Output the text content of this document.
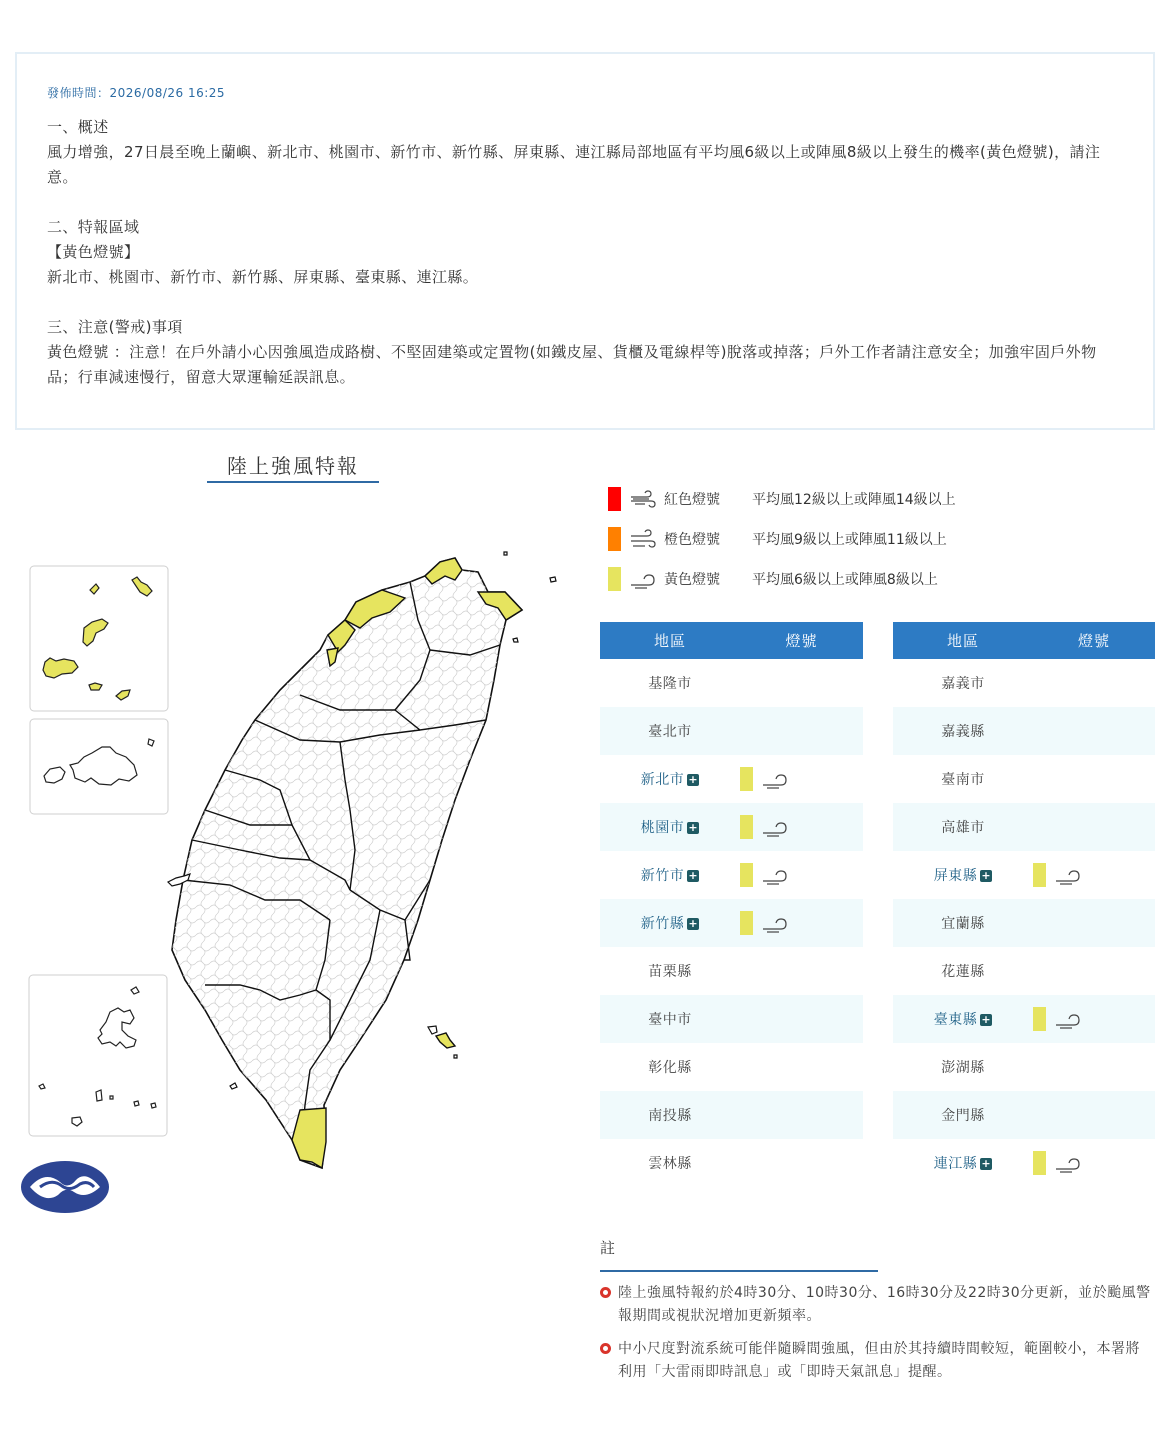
發佈時間：2026/08/26 16:25

一、概述

風力增強，27日晨至晚上蘭嶼、新北市、桃園市、新竹市、新竹縣、屏東縣、連江縣局部地區有平均風6級以上或陣風8級以上發生的機率(黃色燈號)，請注意。

二、特報區域

【黃色燈號】

新北市、桃園市、新竹市、新竹縣、屏東縣、臺東縣、連江縣。

三、注意(警戒)事項

黃色燈號 ：注意！在戶外請小心因強風造成路樹、不堅固建築或定置物(如鐵皮屋、貨櫃及電線桿等)脫落或掉落；戶外工作者請注意安全；加強牢固戶外物品；行車減速慢行，留意大眾運輸延誤訊息。

陸上強風特報
紅色燈號	平均風12級以上或陣風14級以上
橙色燈號	平均風9級以上或陣風11級以上
黃色燈號	平均風6級以上或陣風8級以上
地區	燈號
基隆市	
臺北市	
新北市 +	

桃園市 +	

新竹市 +	

新竹縣 +	

苗栗縣	
臺中市	
彰化縣	
南投縣	
雲林縣	
地區	燈號
嘉義市	
嘉義縣	
臺南市	
高雄市	
屏東縣 +	

宜蘭縣	
花蓮縣	
臺東縣 +	

澎湖縣	
金門縣	
連江縣 +	
註
陸上強風特報約於4時30分、10時30分、16時30分及22時30分更新，並於颱風警報期間或視狀況增加更新頻率。
中小尺度對流系統可能伴隨瞬間強風，但由於其持續時間較短，範圍較小，本署將利用「大雷雨即時訊息」或「即時天氣訊息」提醒。
